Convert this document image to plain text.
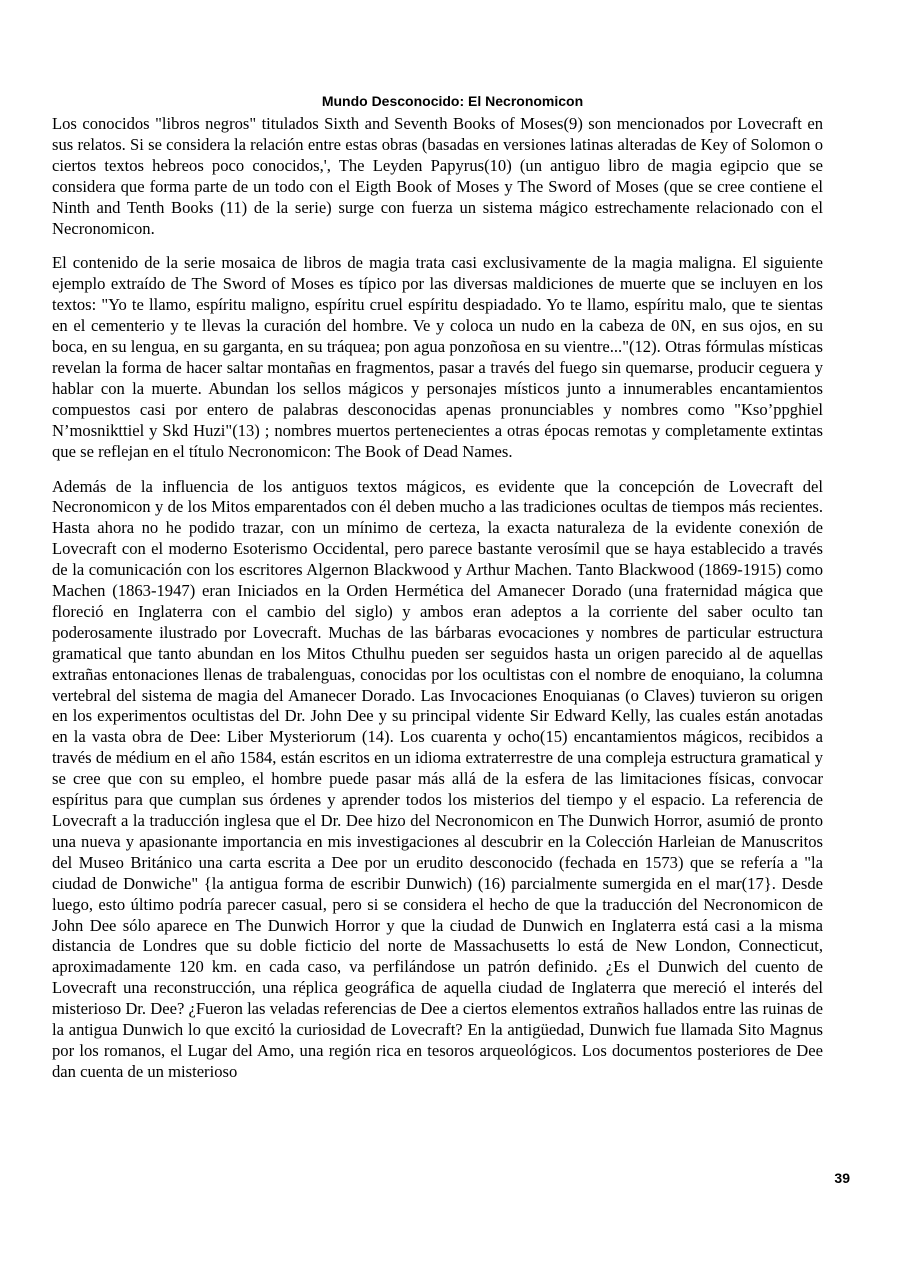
Mundo Desconocido: El Necronomicon

Los conocidos "libros negros" titulados Sixth and Seventh Books of Moses(9) son mencionados por Lovecraft en sus relatos. Si se considera la relación entre estas obras (basadas en versiones latinas alteradas de Key of Solomon o ciertos textos hebreos poco conocidos,', The Leyden Papyrus(10) (un antiguo libro de magia egipcio que se considera que forma parte de un todo con el Eigth Book of Moses y The Sword of Moses (que se cree contiene el Ninth and Tenth Books (11) de la serie) surge con fuerza un sistema mágico estrechamente relacionado con el Necronomicon.

El contenido de la serie mosaica de libros de magia trata casi exclusivamente de la magia maligna. El siguiente ejemplo extraído de The Sword of Moses es típico por las diversas maldiciones de muerte que se incluyen en los textos: "Yo te llamo, espíritu maligno, espíritu cruel espíritu despiadado. Yo te llamo, espíritu malo, que te sientas en el cementerio y te llevas la curación del hombre. Ve y coloca un nudo en la cabeza de 0N, en sus ojos, en su boca, en su lengua, en su garganta, en su tráquea; pon agua ponzoñosa en su vientre..."(12). Otras fórmulas místicas revelan la forma de hacer saltar montañas en fragmentos, pasar a través del fuego sin quemarse, producir ceguera y hablar con la muerte. Abundan los sellos mágicos y personajes místicos junto a innumerables encantamientos compuestos casi por entero de palabras desconocidas apenas pronunciables y nombres como "Kso’ppghiel N’mosnikttiel y Skd Huzi"(13) ; nombres muertos pertenecientes a otras épocas remotas y completamente extintas que se reflejan en el título Necronomicon: The Book of Dead Names.

Además de la influencia de los antiguos textos mágicos, es evidente que la concepción de Lovecraft del Necronomicon y de los Mitos emparentados con él deben mucho a las tradiciones ocultas de tiempos más recientes. Hasta ahora no he podido trazar, con un mínimo de certeza, la exacta naturaleza de la evidente conexión de Lovecraft con el moderno Esoterismo Occidental, pero parece bastante verosímil que se haya establecido a través de la comunicación con los escritores Algernon Blackwood y Arthur Machen. Tanto Blackwood (1869-1915) como Machen (1863-1947) eran Iniciados en la Orden Hermética del Amanecer Dorado (una fraternidad mágica que floreció en Inglaterra con el cambio del siglo) y ambos eran adeptos a la corriente del saber oculto tan poderosamente ilustrado por Lovecraft. Muchas de las bárbaras evocaciones y nombres de particular estructura gramatical que tanto abundan en los Mitos Cthulhu pueden ser seguidos hasta un origen parecido al de aquellas extrañas entonaciones llenas de trabalenguas, conocidas por los ocultistas con el nombre de enoquiano, la columna vertebral del sistema de magia del Amanecer Dorado. Las Invocaciones Enoquianas (o Claves) tuvieron su origen en los experimentos ocultistas del Dr. John Dee y su principal vidente Sir Edward Kelly, las cuales están anotadas en la vasta obra de Dee: Liber Mysteriorum (14). Los cuarenta y ocho(15) encantamientos mágicos, recibidos a través de médium en el año 1584, están escritos en un idioma extraterrestre de una compleja estructura gramatical y se cree que con su empleo, el hombre puede pasar más allá de la esfera de las limitaciones físicas, convocar espíritus para que cumplan sus órdenes y aprender todos los misterios del tiempo y el espacio. La referencia de Lovecraft a la traducción inglesa que el Dr. Dee hizo del Necronomicon en The Dunwich Horror, asumió de pronto una nueva y apasionante importancia en mis investigaciones al descubrir en la Colección Harleian de Manuscritos del Museo Británico una carta escrita a Dee por un erudito desconocido (fechada en 1573) que se refería a "la ciudad de Donwiche" {la antigua forma de escribir Dunwich) (16) parcialmente sumergida en el mar(17}. Desde luego, esto último podría parecer casual, pero si se considera el hecho de que la traducción del Necronomicon de John Dee sólo aparece en The Dunwich Horror y que la ciudad de Dunwich en Inglaterra está casi a la misma distancia de Londres que su doble ficticio del norte de Massachusetts lo está de New London, Connecticut, aproximadamente 120 km. en cada caso, va perfilándose un patrón definido. ¿Es el Dunwich del cuento de Lovecraft una reconstrucción, una réplica geográfica de aquella ciudad de Inglaterra que mereció el interés del misterioso Dr. Dee? ¿Fueron las veladas referencias de Dee a ciertos elementos extraños hallados entre las ruinas de la antigua Dunwich lo que excitó la curiosidad de Lovecraft? En la antigüedad, Dunwich fue llamada Sito Magnus por los romanos, el Lugar del Amo, una región rica en tesoros arqueológicos. Los documentos posteriores de Dee dan cuenta de un misterioso

39
